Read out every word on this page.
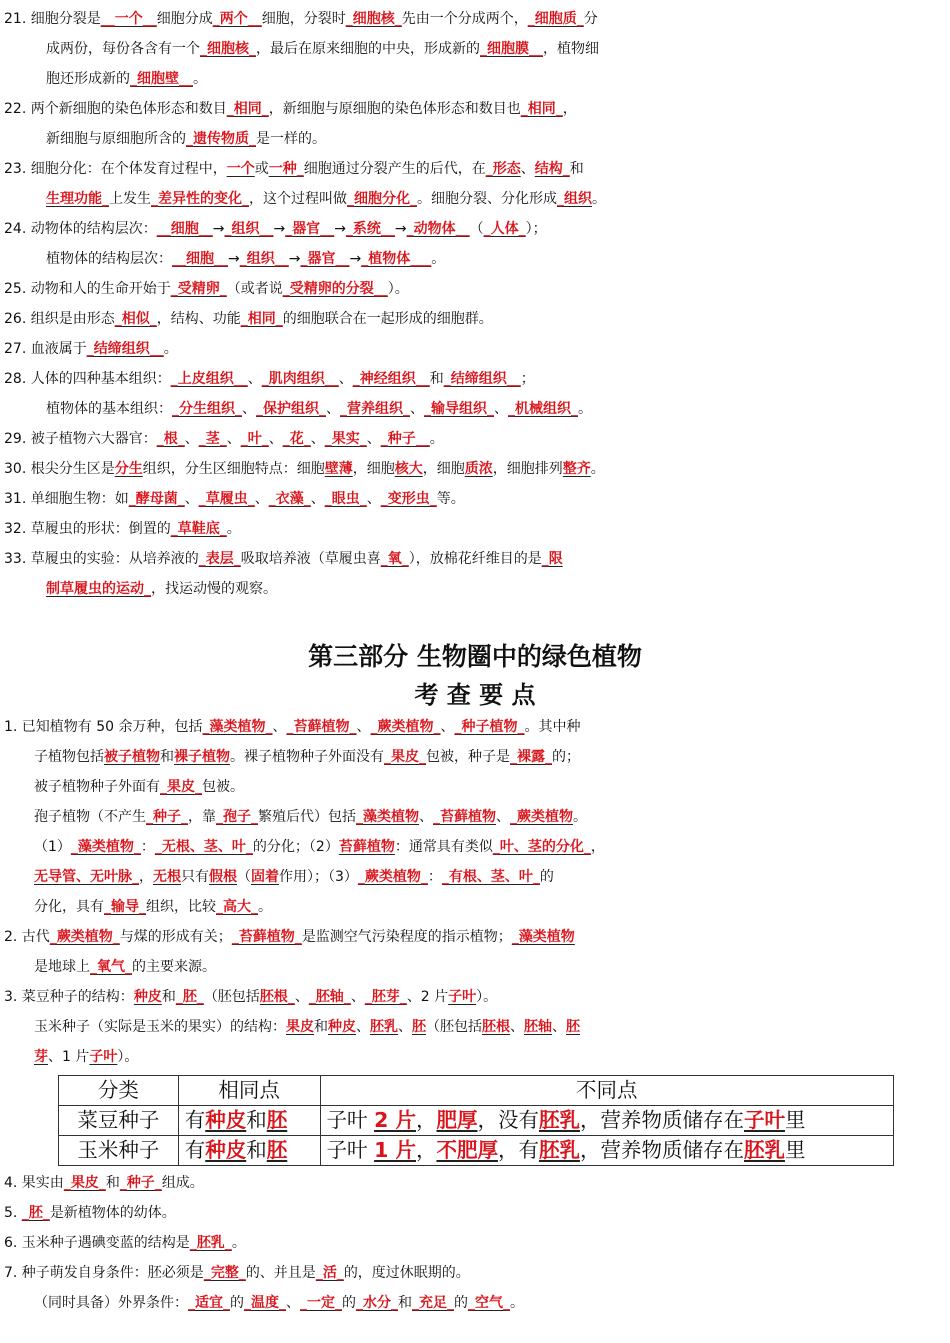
21. 细胞分裂是__一个__细胞分成_两个__细胞，分裂时_细胞核_先由一个分成两个，_细胞质_分
成两份，每份各含有一个_细胞核_，最后在原来细胞的中央，形成新的_细胞膜__，植物细
胞还形成新的_细胞壁__。
22. 两个新细胞的染色体形态和数目_相同_，新细胞与原细胞的染色体形态和数目也_相同_，
新细胞与原细胞所含的_遗传物质_是一样的。
23. 细胞分化：在个体发育过程中，一个或一种_细胞通过分裂产生的后代，在_形态、结构_和
生理功能_上发生_差异性的变化_，这个过程叫做_细胞分化_。细胞分裂、分化形成_组织。
24. 动物体的结构层次：__细胞__→_组织__→_器官__→_系统__→_动物体__（_人体_）；
植物体的结构层次：__细胞__→_组织__→_器官__→_植物体___。
25. 动物和人的生命开始于_受精卵_（或者说_受精卵的分裂__）。
26. 组织是由形态_相似_，结构、功能_相同_的细胞联合在一起形成的细胞群。
27. 血液属于_结缔组织__。
28. 人体的四种基本组织：_上皮组织__、_肌肉组织__、_神经组织__和_结缔组织__；
植物体的基本组织：_分生组织_、_保护组织_、_营养组织_、_输导组织_、_机械组织_。
29. 被子植物六大器官：_根_、_茎_、_叶_、_花_、_果实_、_种子__。
30. 根尖分生区是分生组织，分生区细胞特点：细胞壁薄，细胞核大，细胞质浓，细胞排列整齐。
31. 单细胞生物：如_酵母菌_、_草履虫_、_衣藻_、_眼虫_、_变形虫_等。
32. 草履虫的形状：倒置的_草鞋底_。
33. 草履虫的实验：从培养液的_表层_吸取培养液（草履虫喜_氧_），放棉花纤维目的是_限
制草履虫的运动_，找运动慢的观察。
1. 已知植物有 50 余万种，包括_藻类植物_、_苔藓植物_、_蕨类植物_、_种子植物_。其中种
子植物包括被子植物和裸子植物。裸子植物种子外面没有_果皮_包被，种子是_裸露_的；
被子植物种子外面有_果皮_包被。
孢子植物（不产生_种子_，靠_孢子_繁殖后代）包括_藻类植物、_苔藓植物、_蕨类植物。
（1）_藻类植物_：_无根、茎、叶_的分化；（2）苔藓植物：通常具有类似_叶、茎的分化_，
无导管、无叶脉_，无根只有假根（固着作用）；（3）_蕨类植物_：_有根、茎、叶_的
分化，具有_输导_组织，比较_高大_。
2. 古代_蕨类植物_与煤的形成有关；_苔藓植物_是监测空气污染程度的指示植物；_藻类植物
是地球上_氧气_的主要来源。
3. 菜豆种子的结构：种皮和_胚_（胚包括胚根_、_胚轴_、_胚芽_、2 片子叶）。
玉米种子（实际是玉米的果实）的结构：果皮和种皮、胚乳、胚（胚包括胚根、胚轴、胚
芽、1 片子叶）。
4. 果实由_果皮_和_种子_组成。
5. _胚_是新植物体的幼体。
6. 玉米种子遇碘变蓝的结构是_胚乳_。
7. 种子萌发自身条件：胚必须是_完整_的、并且是_活_的，度过休眠期的。
（同时具备）外界条件：_适宜_的_温度_、_一定_的_水分_和_充足_的_空气_。
第三部分 生物圈中的绿色植物
考 查 要 点
分类	相同点	不同点
菜豆种子	有种皮和胚	子叶 2 片，肥厚，没有胚乳，营养物质储存在子叶里
玉米种子	有种皮和胚	子叶 1 片，不肥厚，有胚乳，营养物质储存在胚乳里
